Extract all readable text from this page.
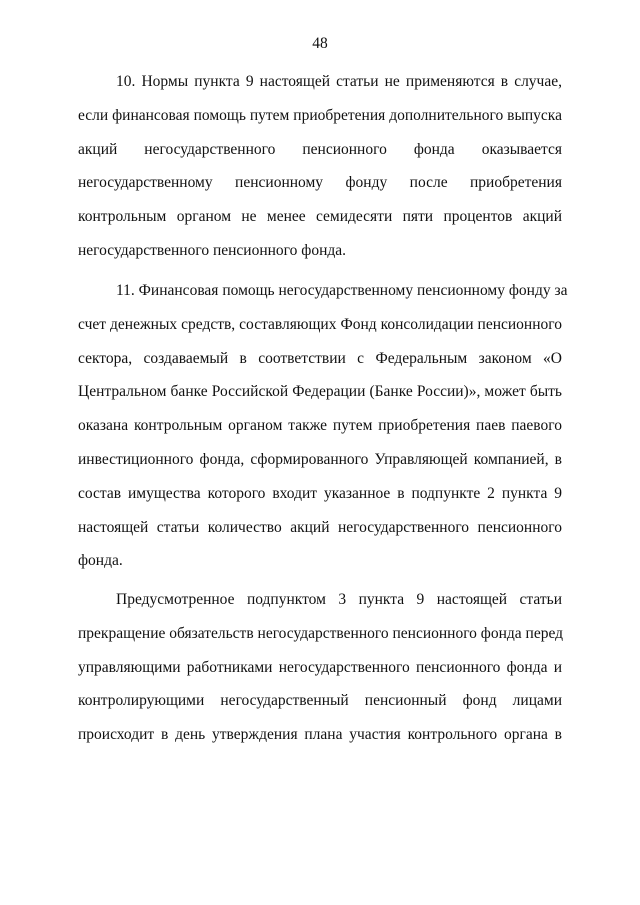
48

10. Нормы пункта 9 настоящей статьи не применяются в случае,
если финансовая помощь путем приобретения дополнительного выпуска
акций негосударственного пенсионного фонда оказывается
негосударственному пенсионному фонду после приобретения
контрольным органом не менее семидесяти пяти процентов акций
негосударственного пенсионного фонда.

11. Финансовая помощь негосударственному пенсионному фонду за
счет денежных средств, составляющих Фонд консолидации пенсионного
сектора, создаваемый в соответствии с Федеральным законом «О
Центральном банке Российской Федерации (Банке России)», может быть
оказана контрольным органом также путем приобретения паев паевого
инвестиционного фонда, сформированного Управляющей компанией, в
состав имущества которого входит указанное в подпункте 2 пункта 9
настоящей статьи количество акций негосударственного пенсионного
фонда.

Предусмотренное подпунктом 3 пункта 9 настоящей статьи
прекращение обязательств негосударственного пенсионного фонда перед
управляющими работниками негосударственного пенсионного фонда и
контролирующими негосударственный пенсионный фонд лицами
происходит в день утверждения плана участия контрольного органа в
